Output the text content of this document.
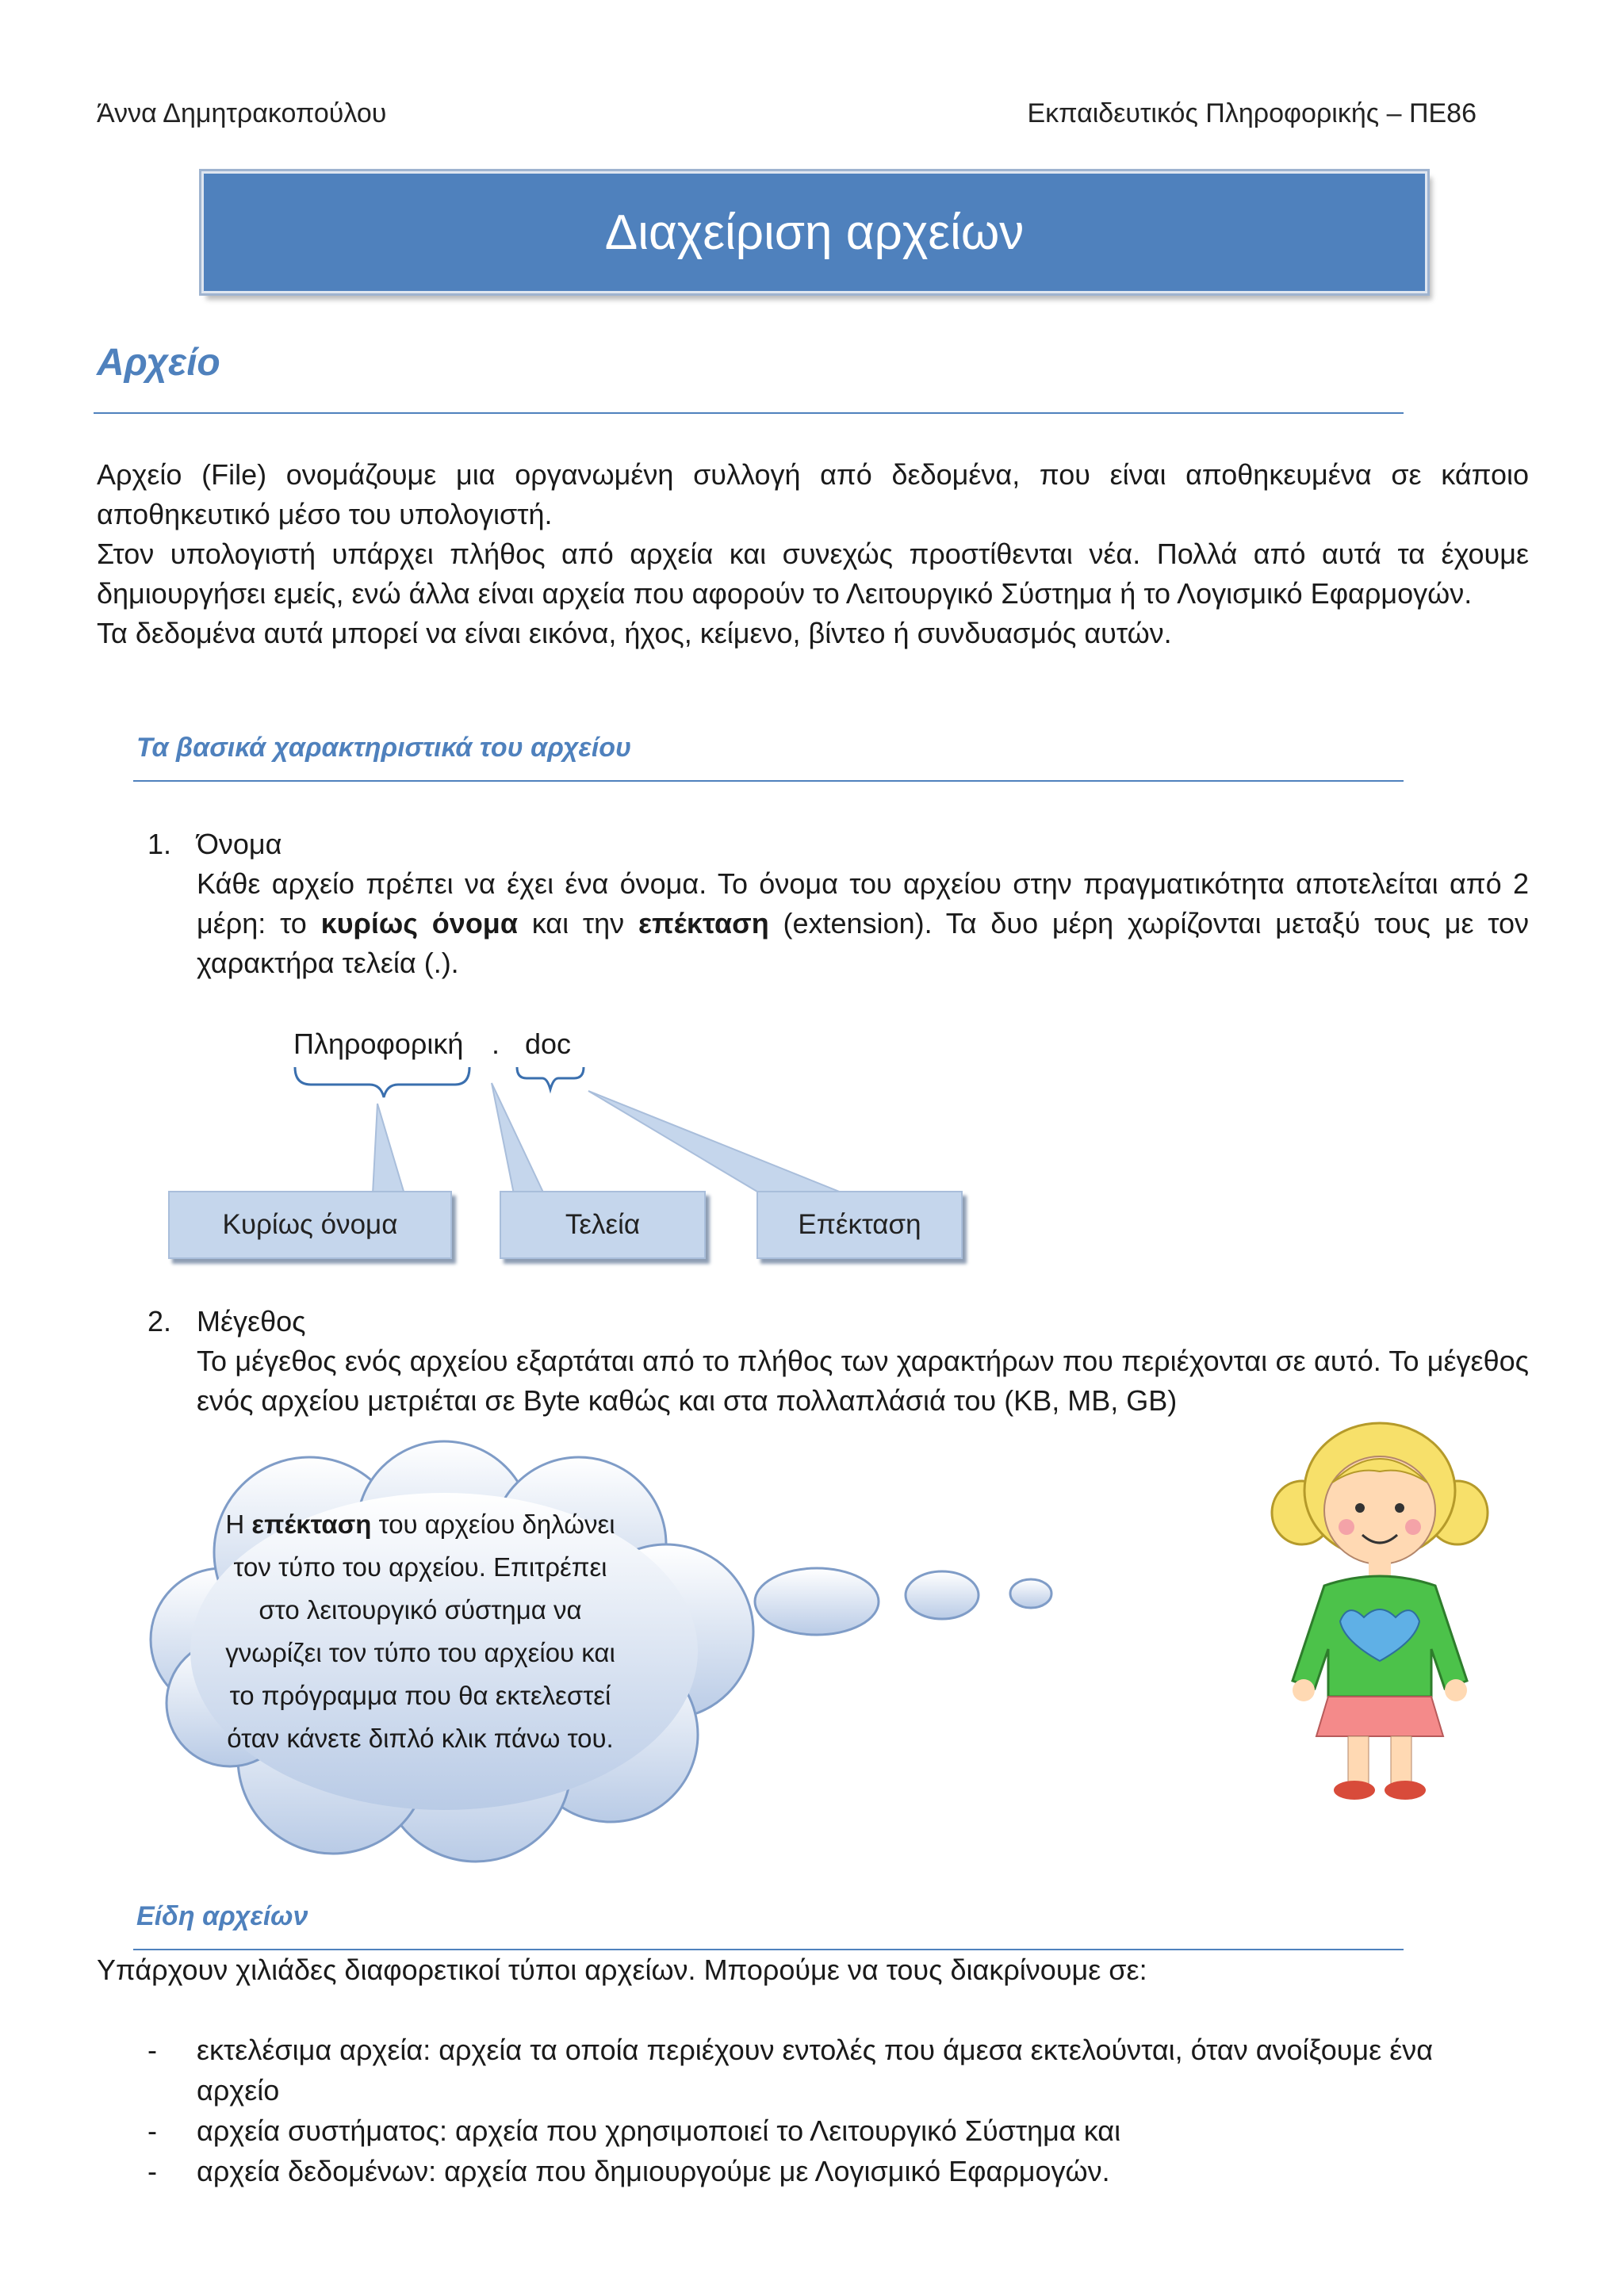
Άννα Δημητρακοπούλου	Εκπαιδευτικός Πληροφορικής – ΠΕ86
Διαχείριση αρχείων
Αρχείο

Αρχείο (File) ονομάζουμε μια οργανωμένη συλλογή από δεδομένα, που είναι αποθηκευμένα σε κάποιο αποθηκευτικό μέσο του υπολογιστή.

Στον υπολογιστή υπάρχει πλήθος από αρχεία και συνεχώς προστίθενται νέα. Πολλά από αυτά τα έχουμε δημιουργήσει εμείς, ενώ άλλα είναι αρχεία που αφορούν το Λειτουργικό Σύστημα ή το Λογισμικό Εφαρμογών.

Τα δεδομένα αυτά μπορεί να είναι εικόνα, ήχος, κείμενο, βίντεο ή συνδυασμός αυτών.

Τα βασικά χαρακτηριστικά του αρχείου
1. Όνομα
Κάθε αρχείο πρέπει να έχει ένα όνομα. Το όνομα του αρχείου στην πραγματικότητα αποτελείται από 2 μέρη: το κυρίως όνομα και την επέκταση (extension). Τα δυο μέρη χωρίζονται μεταξύ τους με τον χαρακτήρα τελεία (.).
Πληροφορική . doc
Κυρίως όνομα	Τελεία	Επέκταση
2. Μέγεθος
Το μέγεθος ενός αρχείου εξαρτάται από το πλήθος των χαρακτήρων που περιέχονται σε αυτό. Το μέγεθος ενός αρχείου μετριέται σε Byte καθώς και στα πολλαπλάσιά του (KB, MB, GB)
Η επέκταση του αρχείου δηλώνει
τον τύπο του αρχείου. Επιτρέπει
στο λειτουργικό σύστημα να
γνωρίζει τον τύπο του αρχείου και
το πρόγραμμα που θα εκτελεστεί
όταν κάνετε διπλό κλικ πάνω του.
Είδη αρχείων
Υπάρχουν χιλιάδες διαφορετικοί τύποι αρχείων. Μπορούμε να τους διακρίνουμε σε:
- εκτελέσιμα αρχεία: αρχεία τα οποία περιέχουν εντολές που άμεσα εκτελούνται, όταν ανοίξουμε ένα αρχείο
- αρχεία συστήματος: αρχεία που χρησιμοποιεί το Λειτουργικό Σύστημα και
- αρχεία δεδομένων: αρχεία που δημιουργούμε με Λογισμικό Εφαρμογών.
